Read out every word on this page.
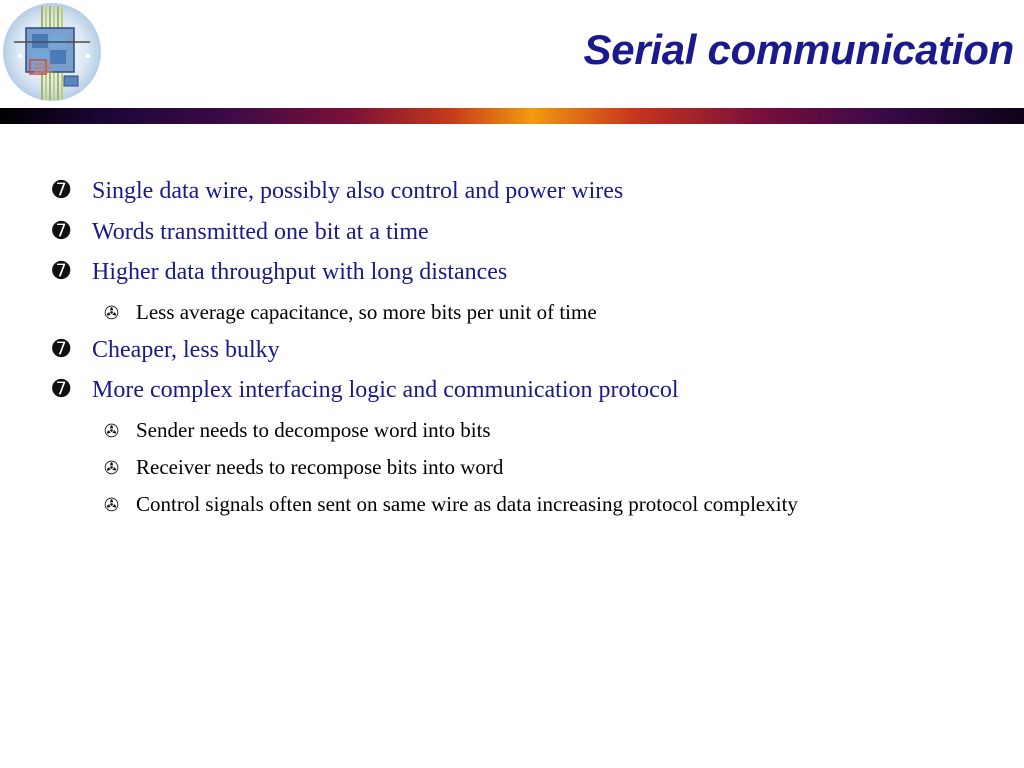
Serial communication
➐ Single data wire, possibly also control and power wires
➐ Words transmitted one bit at a time
➐ Higher data throughput with long distances
✇ Less average capacitance, so more bits per unit of time
➐ Cheaper, less bulky
➐ More complex interfacing logic and communication protocol
✇ Sender needs to decompose word into bits
✇ Receiver needs to recompose bits into word
✇ Control signals often sent on same wire as data increasing protocol complexity
